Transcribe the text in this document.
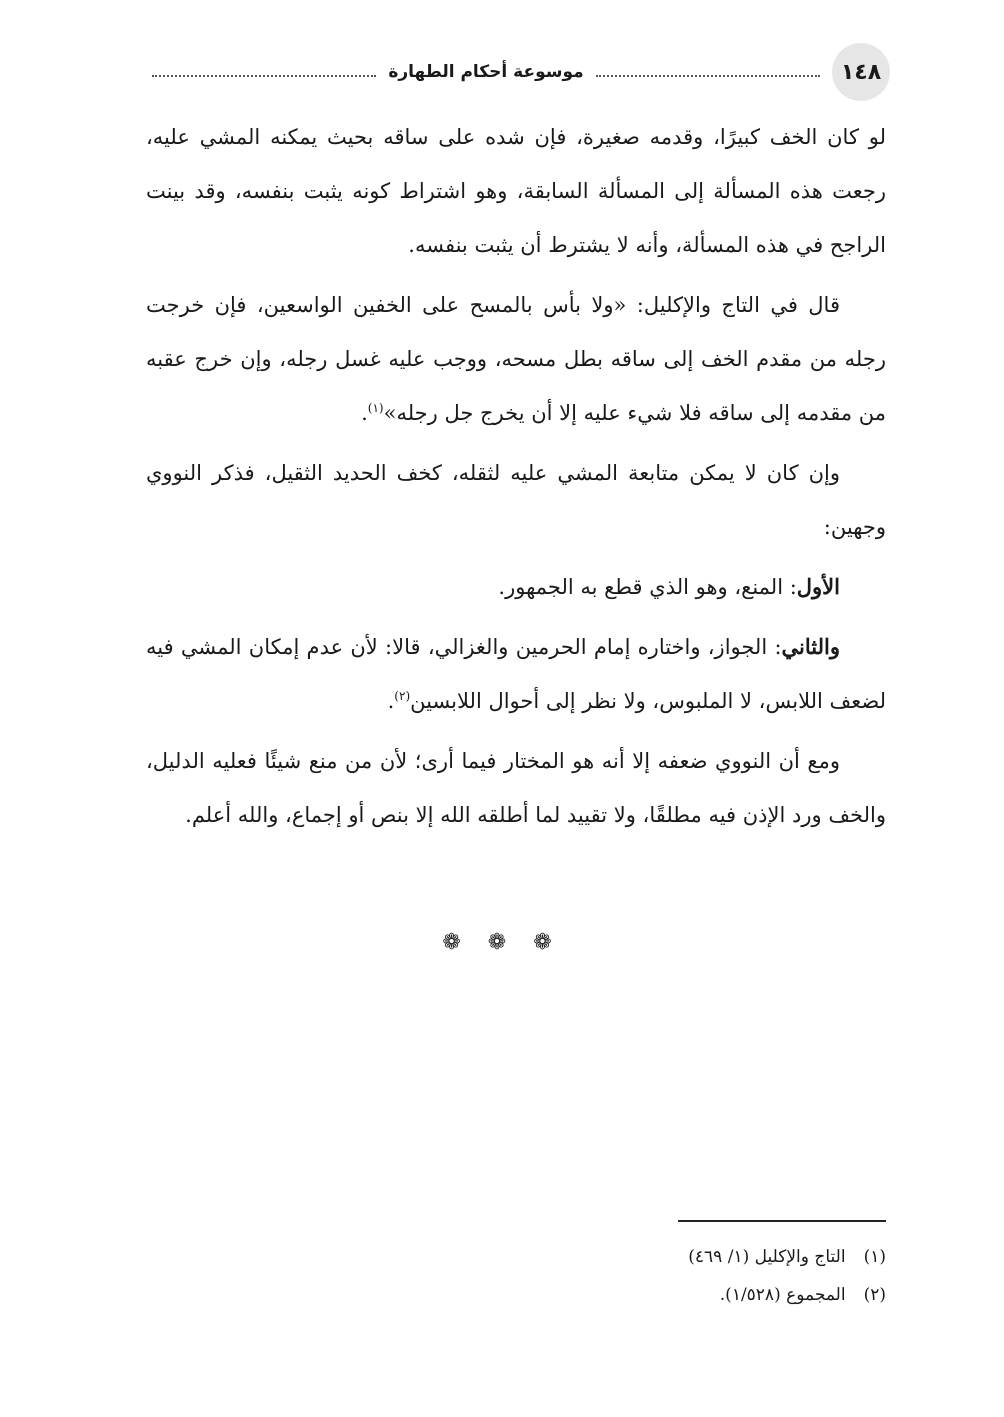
١٤٨
موسوعة أحكام الطهارة

لو كان الخف كبيرًا، وقدمه صغيرة، فإن شده على ساقه بحيث يمكنه المشي عليه، رجعت هذه المسألة إلى المسألة السابقة، وهو اشتراط كونه يثبت بنفسه، وقد بينت الراجح في هذه المسألة، وأنه لا يشترط أن يثبت بنفسه.

قال في التاج والإكليل: «ولا بأس بالمسح على الخفين الواسعين، فإن خرجت رجله من مقدم الخف إلى ساقه بطل مسحه، ووجب عليه غسل رجله، وإن خرج عقبه من مقدمه إلى ساقه فلا شيء عليه إلا أن يخرج جل رجله»$^{(١)}$.

وإن كان لا يمكن متابعة المشي عليه لثقله، كخف الحديد الثقيل، فذكر النووي وجهين:

الأول: المنع، وهو الذي قطع به الجمهور.

والثاني: الجواز، واختاره إمام الحرمين والغزالي، قالا: لأن عدم إمكان المشي فيه لضعف اللابس، لا الملبوس، ولا نظر إلى أحوال اللابسين$^{(٢)}$.

ومع أن النووي ضعفه إلا أنه هو المختار فيما أرى؛ لأن من منع شيئًا فعليه الدليل، والخف ورد الإذن فيه مطلقًا، ولا تقييد لما أطلقه الله إلا بنص أو إجماع، والله أعلم.

❁ ❁ ❁
(١)
التاج والإكليل (١/ ٤٦٩)
(٢)
المجموع (١/٥٢٨).
